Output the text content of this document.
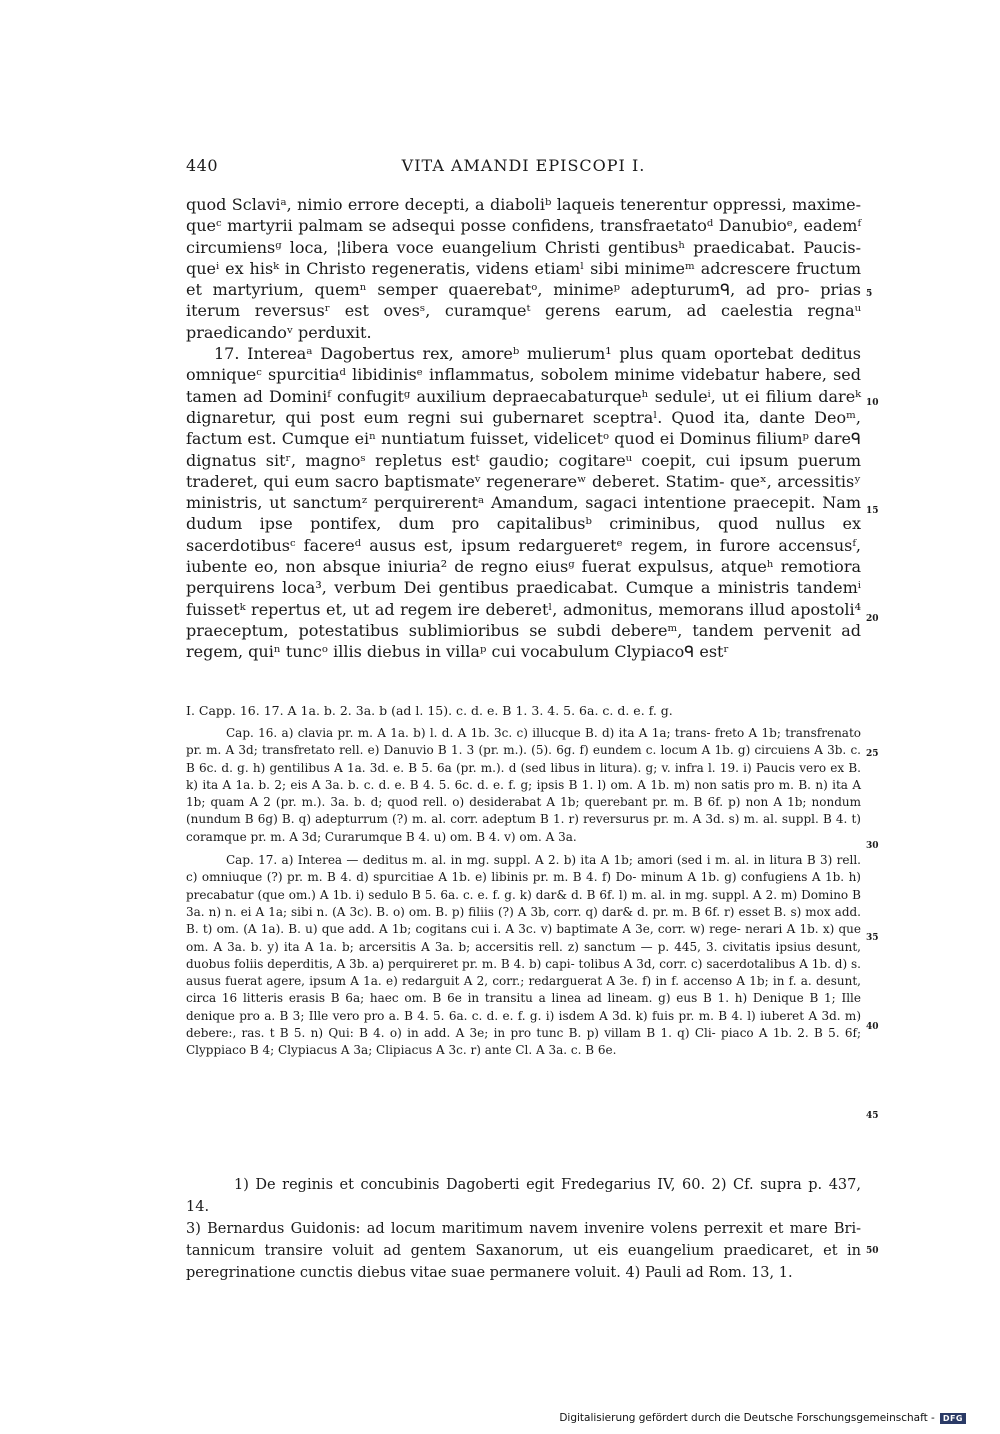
440	VITA AMANDI EPISCOPI I.

quod Sclaviᵃ, nimio errore decepti, a diaboliᵇ laqueis tenerentur oppressi, maxime- queᶜ martyrii palmam se adsequi posse confidens, transfraetatoᵈ Danubioᵉ, eademᶠ circumiensᵍ loca, ¦libera voce euangelium Christi gentibusʰ praedicabat. Paucis- queⁱ ex hisᵏ in Christo regeneratis, videns etiamˡ sibi minimeᵐ adcrescere fructum et martyrium, quemⁿ semper quaerebatᵒ, minimeᵖ adepturumᑫ, ad pro- prias iterum reversusʳ est ovesˢ, curamqueᵗ gerens earum, ad caelestia regnaᵘ praedicandoᵛ perduxit.

17. Intereaᵃ Dagobertus rex, amoreᵇ mulierum¹ plus quam oportebat deditus omniqueᶜ spurcitiaᵈ libidinisᵉ inflammatus, sobolem minime videbatur habere, sed tamen ad Dominiᶠ confugitᵍ auxilium depraecabaturqueʰ seduleⁱ, ut ei filium dareᵏ dignaretur, qui post eum regni sui gubernaret sceptraˡ. Quod ita, dante Deoᵐ, factum est. Cumque eiⁿ nuntiatum fuisset, videlicetᵒ quod ei Dominus filiumᵖ dareᑫ dignatus sitʳ, magnoˢ repletus estᵗ gaudio; cogitareᵘ coepit, cui ipsum puerum traderet, qui eum sacro baptismateᵛ regenerareʷ deberet. Statim- queˣ, arcessitisʸ ministris, ut sanctumᶻ perquirerentᵃ Amandum, sagaci intentione praecepit. Nam dudum ipse pontifex, dum pro capitalibusᵇ criminibus, quod nullus ex sacerdotibusᶜ facereᵈ ausus est, ipsum redargueretᵉ regem, in furore accensusᶠ, iubente eo, non absque iniuria² de regno eiusᵍ fuerat expulsus, atqueʰ remotiora perquirens loca³, verbum Dei gentibus praedicabat. Cumque a ministris tandemⁱ fuissetᵏ repertus et, ut ad regem ire deberetˡ, admonitus, memorans illud apostoli⁴ praeceptum, potestatibus sublimioribus se subdi debereᵐ, tandem pervenit ad regem, quiⁿ tuncᵒ illis diebus in villaᵖ cui vocabulum Clypiacoᑫ estʳ

5
10
15
20
25
30
35
40
45
50

I. Capp. 16. 17. A 1a. b. 2. 3a. b (ad l. 15). c. d. e. B 1. 3. 4. 5. 6a. c. d. e. f. g.

Cap. 16. a) clavia pr. m. A 1a. b) l. d. A 1b. 3c. c) illucque B. d) ita A 1a; trans- freto A 1b; transfrenato pr. m. A 3d; transfretato rell. e) Danuvio B 1. 3 (pr. m.). (5). 6g. f) eundem c. locum A 1b. g) circuiens A 3b. c. B 6c. d. g. h) gentilibus A 1a. 3d. e. B 5. 6a (pr. m.). d (sed libus in litura). g; v. infra l. 19. i) Paucis vero ex B. k) ita A 1a. b. 2; eis A 3a. b. c. d. e. B 4. 5. 6c. d. e. f. g; ipsis B 1. l) om. A 1b. m) non satis pro m. B. n) ita A 1b; quam A 2 (pr. m.). 3a. b. d; quod rell. o) desiderabat A 1b; querebant pr. m. B 6f. p) non A 1b; nondum (nundum B 6g) B. q) adepturrum (?) m. al. corr. adeptum B 1. r) reversurus pr. m. A 3d. s) m. al. suppl. B 4. t) coramque pr. m. A 3d; Curarumque B 4. u) om. B 4. v) om. A 3a.

Cap. 17. a) Interea — deditus m. al. in mg. suppl. A 2. b) ita A 1b; amori (sed i m. al. in litura B 3) rell. c) omniuque (?) pr. m. B 4. d) spurcitiae A 1b. e) libinis pr. m. B 4. f) Do- minum A 1b. g) confugiens A 1b. h) precabatur (que om.) A 1b. i) sedulo B 5. 6a. c. e. f. g. k) dar& d. B 6f. l) m. al. in mg. suppl. A 2. m) Domino B 3a. n) n. ei A 1a; sibi n. (A 3c). B. o) om. B. p) filiis (?) A 3b, corr. q) dar& d. pr. m. B 6f. r) esset B. s) mox add. B. t) om. (A 1a). B. u) que add. A 1b; cogitans cui i. A 3c. v) baptimate A 3e, corr. w) rege- nerari A 1b. x) que om. A 3a. b. y) ita A 1a. b; arcersitis A 3a. b; accersitis rell. z) sanctum — p. 445, 3. civitatis ipsius desunt, duobus foliis deperditis, A 3b. a) perquireret pr. m. B 4. b) capi- tolibus A 3d, corr. c) sacerdotalibus A 1b. d) s. ausus fuerat agere, ipsum A 1a. e) redarguit A 2, corr.; redarguerat A 3e. f) in f. accenso A 1b; in f. a. desunt, circa 16 litteris erasis B 6a; haec om. B 6e in transitu a linea ad lineam. g) eus B 1. h) Denique B 1; Ille denique pro a. B 3; Ille vero pro a. B 4. 5. 6a. c. d. e. f. g. i) isdem A 3d. k) fuis pr. m. B 4. l) iuberet A 3d. m) debere:, ras. t B 5. n) Qui: B 4. o) in add. A 3e; in pro tunc B. p) villam B 1. q) Cli- piaco A 1b. 2. B 5. 6f; Clyppiaco B 4; Clypiacus A 3a; Clipiacus A 3c. r) ante Cl. A 3a. c. B 6e.

1) De reginis et concubinis Dagoberti egit Fredegarius IV, 60. 2) Cf. supra p. 437, 14.

3) Bernardus Guidonis: ad locum maritimum navem invenire volens perrexit et mare Bri- tannicum transire voluit ad gentem Saxanorum, ut eis euangelium praedicaret, et in peregrinatione cunctis diebus vitae suae permanere voluit. 4) Pauli ad Rom. 13, 1.

Digitalisierung gefördert durch die Deutsche Forschungsgemeinschaft -	DFG
